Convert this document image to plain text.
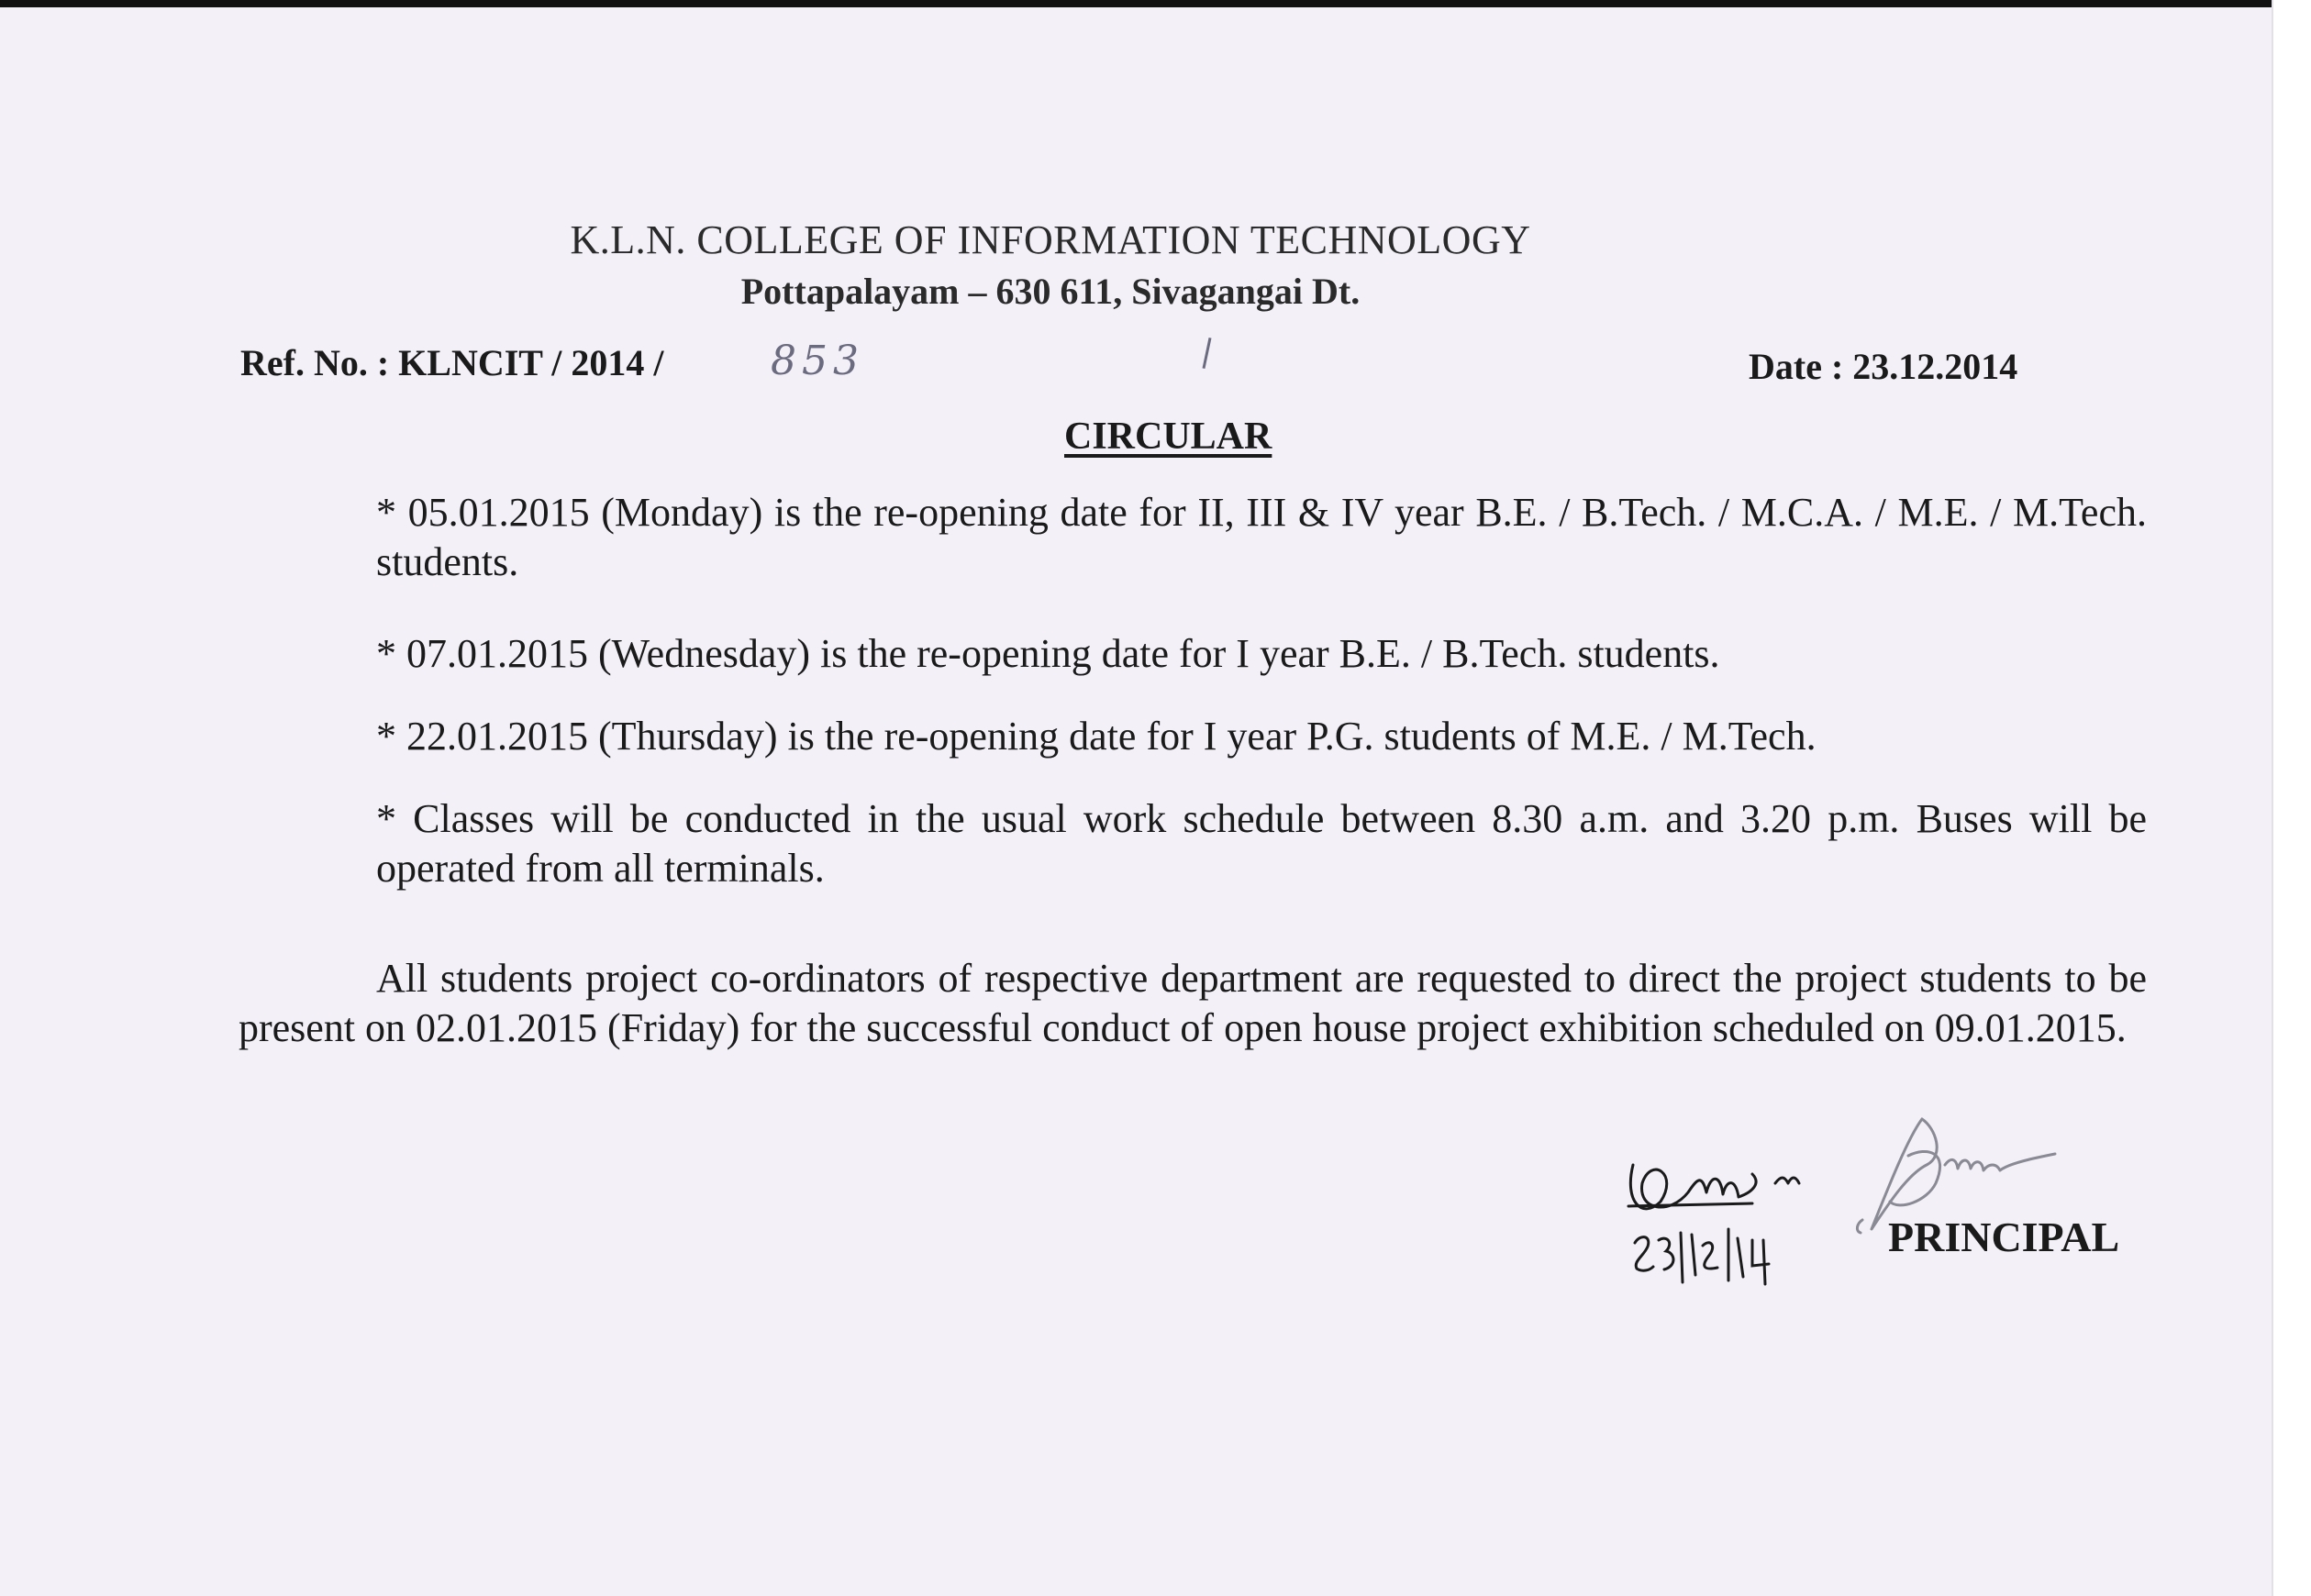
K.L.N. COLLEGE OF INFORMATION TECHNOLOGY
Pottapalayam – 630 611, Sivagangai Dt.
Ref. No. : KLNCIT / 2014 /	853	Date : 23.12.2014
CIRCULAR
* 05.01.2015 (Monday) is the re-opening date for II, III & IV year B.E. / B.Tech. / M.C.A. / M.E. / M.Tech. students.
* 07.01.2015 (Wednesday) is the re-opening date for I year B.E. / B.Tech. students.
* 22.01.2015 (Thursday) is the re-opening date for I year P.G. students of M.E. / M.Tech.
* Classes will be conducted in the usual work schedule between 8.30 a.m. and 3.20 p.m. Buses will be operated from all terminals.
All students project co-ordinators of respective department are requested to direct the project students to be present on 02.01.2015 (Friday) for the successful conduct of open house project exhibition scheduled on 09.01.2015.
PRINCIPAL
